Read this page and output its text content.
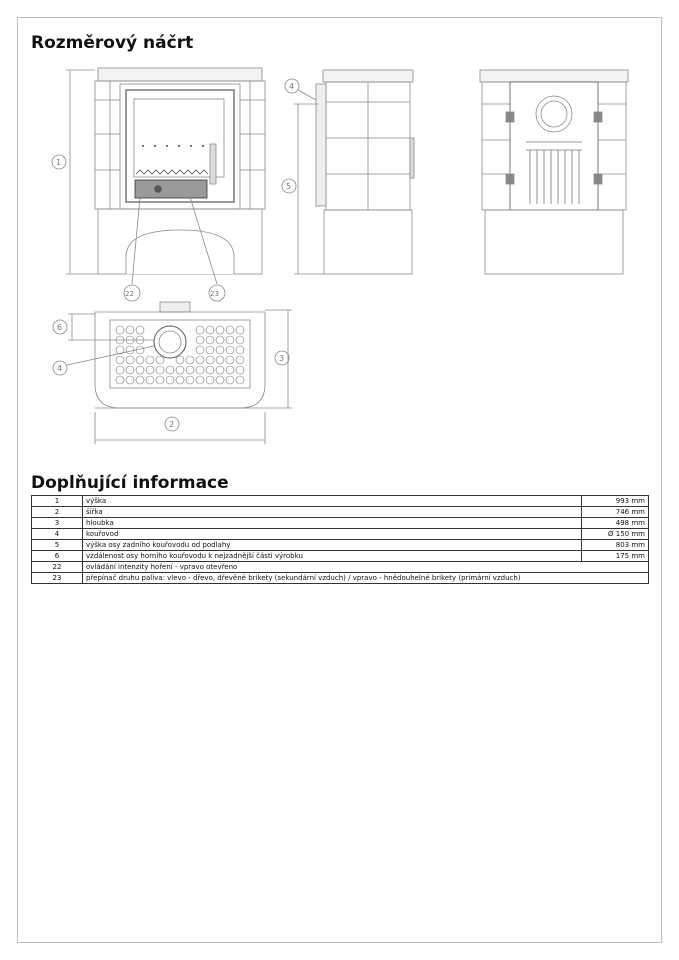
Rozměrový náčrt
1
22	23
5
4
2
3
6
4
Doplňující informace
1	výška	993 mm
2	šířka	746 mm
3	hloubka	498 mm
4	kouřovod	Ø 150 mm
5	výška osy zadního kouřovodu od podlahy	803 mm
6	vzdálenost osy horního kouřovodu k nejzadnější části výrobku	175 mm
22	ovládání intenzity hoření - vpravo otevřeno	
23	přepínač druhu paliva: vlevo - dřevo, dřevěné brikety (sekundární vzduch) / vpravo - hnědouhelné brikety (primární vzduch)	
